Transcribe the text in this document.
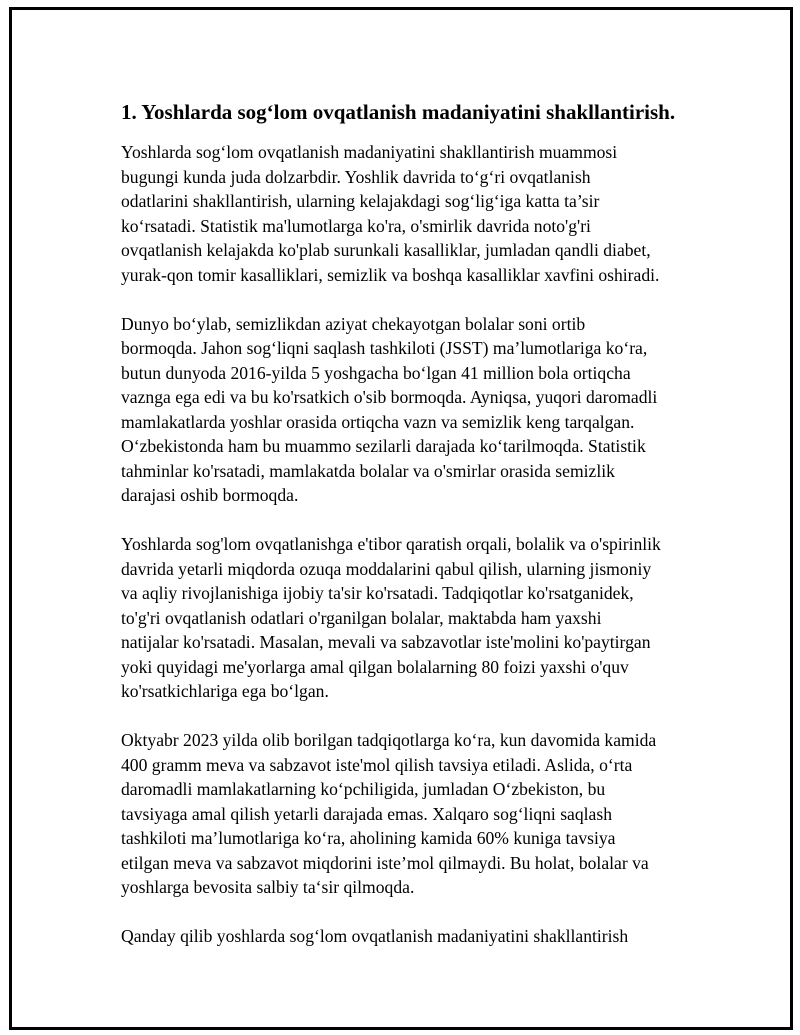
1. Yoshlarda sog‘lom ovqatlanish madaniyatini shakllantirish.
Yoshlarda sog‘lom ovqatlanish madaniyatini shakllantirish muammosi
bugungi kunda juda dolzarbdir. Yoshlik davrida to‘g‘ri ovqatlanish
odatlarini shakllantirish, ularning kelajakdagi sog‘lig‘iga katta ta’sir
ko‘rsatadi. Statistik ma'lumotlarga ko'ra, o'smirlik davrida noto'g'ri
ovqatlanish kelajakda ko'plab surunkali kasalliklar, jumladan qandli diabet,
yurak-qon tomir kasalliklari, semizlik va boshqa kasalliklar xavfini oshiradi.
Dunyo bo‘ylab, semizlikdan aziyat chekayotgan bolalar soni ortib
bormoqda. Jahon sog‘liqni saqlash tashkiloti (JSST) ma’lumotlariga ko‘ra,
butun dunyoda 2016-yilda 5 yoshgacha bo‘lgan 41 million bola ortiqcha
vaznga ega edi va bu ko'rsatkich o'sib bormoqda. Ayniqsa, yuqori daromadli
mamlakatlarda yoshlar orasida ortiqcha vazn va semizlik keng tarqalgan.
O‘zbekistonda ham bu muammo sezilarli darajada ko‘tarilmoqda. Statistik
tahminlar ko'rsatadi, mamlakatda bolalar va o'smirlar orasida semizlik
darajasi oshib bormoqda.
Yoshlarda sog'lom ovqatlanishga e'tibor qaratish orqali, bolalik va o'spirinlik
davrida yetarli miqdorda ozuqa moddalarini qabul qilish, ularning jismoniy
va aqliy rivojlanishiga ijobiy ta'sir ko'rsatadi. Tadqiqotlar ko'rsatganidek,
to'g'ri ovqatlanish odatlari o'rganilgan bolalar, maktabda ham yaxshi
natijalar ko'rsatadi. Masalan, mevali va sabzavotlar iste'molini ko'paytirgan
yoki quyidagi me'yorlarga amal qilgan bolalarning 80 foizi yaxshi o'quv
ko'rsatkichlariga ega bo‘lgan.
Oktyabr 2023 yilda olib borilgan tadqiqotlarga ko‘ra, kun davomida kamida
400 gramm meva va sabzavot iste'mol qilish tavsiya etiladi. Aslida, o‘rta
daromadli mamlakatlarning ko‘pchiligida, jumladan O‘zbekiston, bu
tavsiyaga amal qilish yetarli darajada emas. Xalqaro sog‘liqni saqlash
tashkiloti ma’lumotlariga ko‘ra, aholining kamida 60% kuniga tavsiya
etilgan meva va sabzavot miqdorini iste’mol qilmaydi. Bu holat, bolalar va
yoshlarga bevosita salbiy ta‘sir qilmoqda.
Qanday qilib yoshlarda sog‘lom ovqatlanish madaniyatini shakllantirish
